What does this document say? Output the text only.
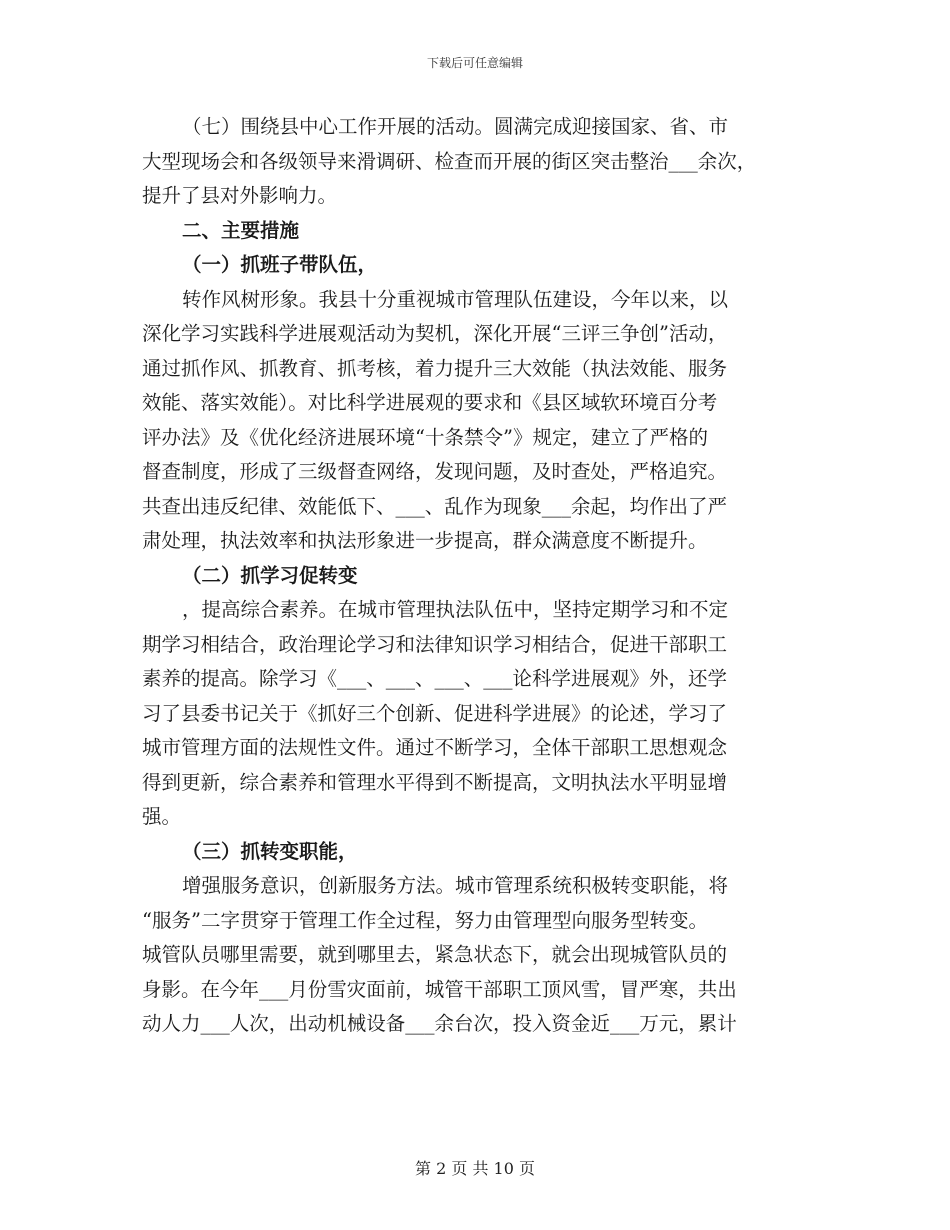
下载后可任意编辑
（七）围绕县中心工作开展的活动。圆满完成迎接国家、省、市
大型现场会和各级领导来滑调研、检查而开展的街区突击整治___余次，
提升了县对外影响力。
二、主要措施
（一）抓班子带队伍，
转作风树形象。我县十分重视城市管理队伍建设，今年以来，以
深化学习实践科学进展观活动为契机，深化开展“三评三争创”活动，
通过抓作风、抓教育、抓考核，着力提升三大效能（执法效能、服务
效能、落实效能）。对比科学进展观的要求和《县区域软环境百分考
评办法》及《优化经济进展环境“十条禁令”》规定，建立了严格的
督查制度，形成了三级督查网络，发现问题，及时查处，严格追究。
共查出违反纪律、效能低下、___、乱作为现象___余起，均作出了严
肃处理，执法效率和执法形象进一步提高，群众满意度不断提升。
（二）抓学习促转变
，提高综合素养。在城市管理执法队伍中，坚持定期学习和不定
期学习相结合，政治理论学习和法律知识学习相结合，促进干部职工
素养的提高。除学习《___、___、___、___论科学进展观》外，还学
习了县委书记关于《抓好三个创新、促进科学进展》的论述，学习了
城市管理方面的法规性文件。通过不断学习，全体干部职工思想观念
得到更新，综合素养和管理水平得到不断提高，文明执法水平明显增
强。
（三）抓转变职能，
增强服务意识，创新服务方法。城市管理系统积极转变职能，将
“服务”二字贯穿于管理工作全过程，努力由管理型向服务型转变。
城管队员哪里需要，就到哪里去，紧急状态下，就会出现城管队员的
身影。在今年___月份雪灾面前，城管干部职工顶风雪，冒严寒，共出
动人力___人次，出动机械设备___余台次，投入资金近___万元，累计
第 2 页 共 10 页
